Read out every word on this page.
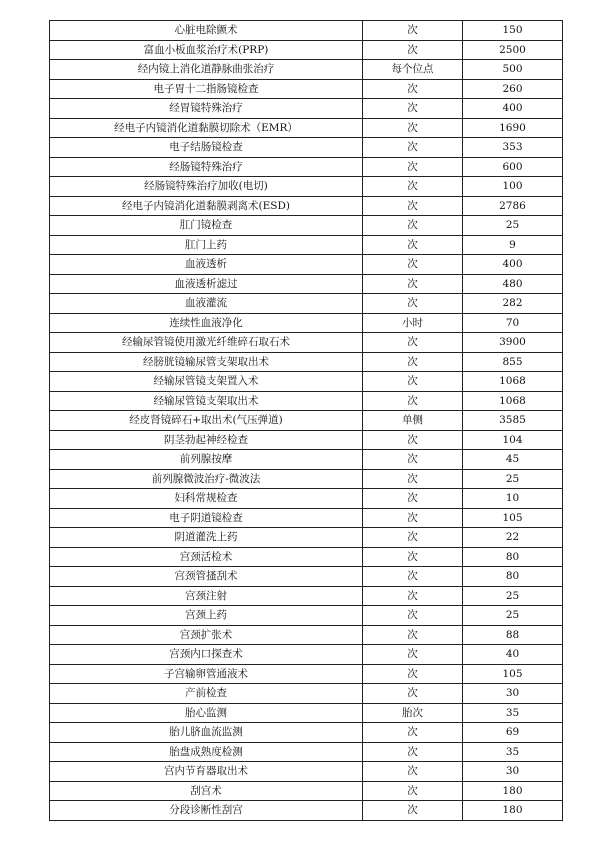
心脏电除颤术	次	150
富血小板血浆治疗术(PRP)	次	2500
经内镜上消化道静脉曲张治疗	每个位点	500
电子胃十二指肠镜检查	次	260
经胃镜特殊治疗	次	400
经电子内镜消化道黏膜切除术（EMR）	次	1690
电子结肠镜检查	次	353
经肠镜特殊治疗	次	600
经肠镜特殊治疗加收(电切)	次	100
经电子内镜消化道黏膜剥离术(ESD)	次	2786
肛门镜检查	次	25
肛门上药	次	9
血液透析	次	400
血液透析滤过	次	480
血液灌流	次	282
连续性血液净化	小时	70
经输尿管镜使用激光纤维碎石取石术	次	3900
经膀胱镜输尿管支架取出术	次	855
经输尿管镜支架置入术	次	1068
经输尿管镜支架取出术	次	1068
经皮肾镜碎石+取出术(气压弹道)	单侧	3585
阴茎勃起神经检查	次	104
前列腺按摩	次	45
前列腺微波治疗-微波法	次	25
妇科常规检查	次	10
电子阴道镜检查	次	105
阴道灌洗上药	次	22
宫颈活检术	次	80
宫颈管搔刮术	次	80
宫颈注射	次	25
宫颈上药	次	25
宫颈扩张术	次	88
宫颈内口探查术	次	40
子宫输卵管通液术	次	105
产前检查	次	30
胎心监测	胎次	35
胎儿脐血流监测	次	69
胎盘成熟度检测	次	35
宫内节育器取出术	次	30
刮宫术	次	180
分段诊断性刮宫	次	180
